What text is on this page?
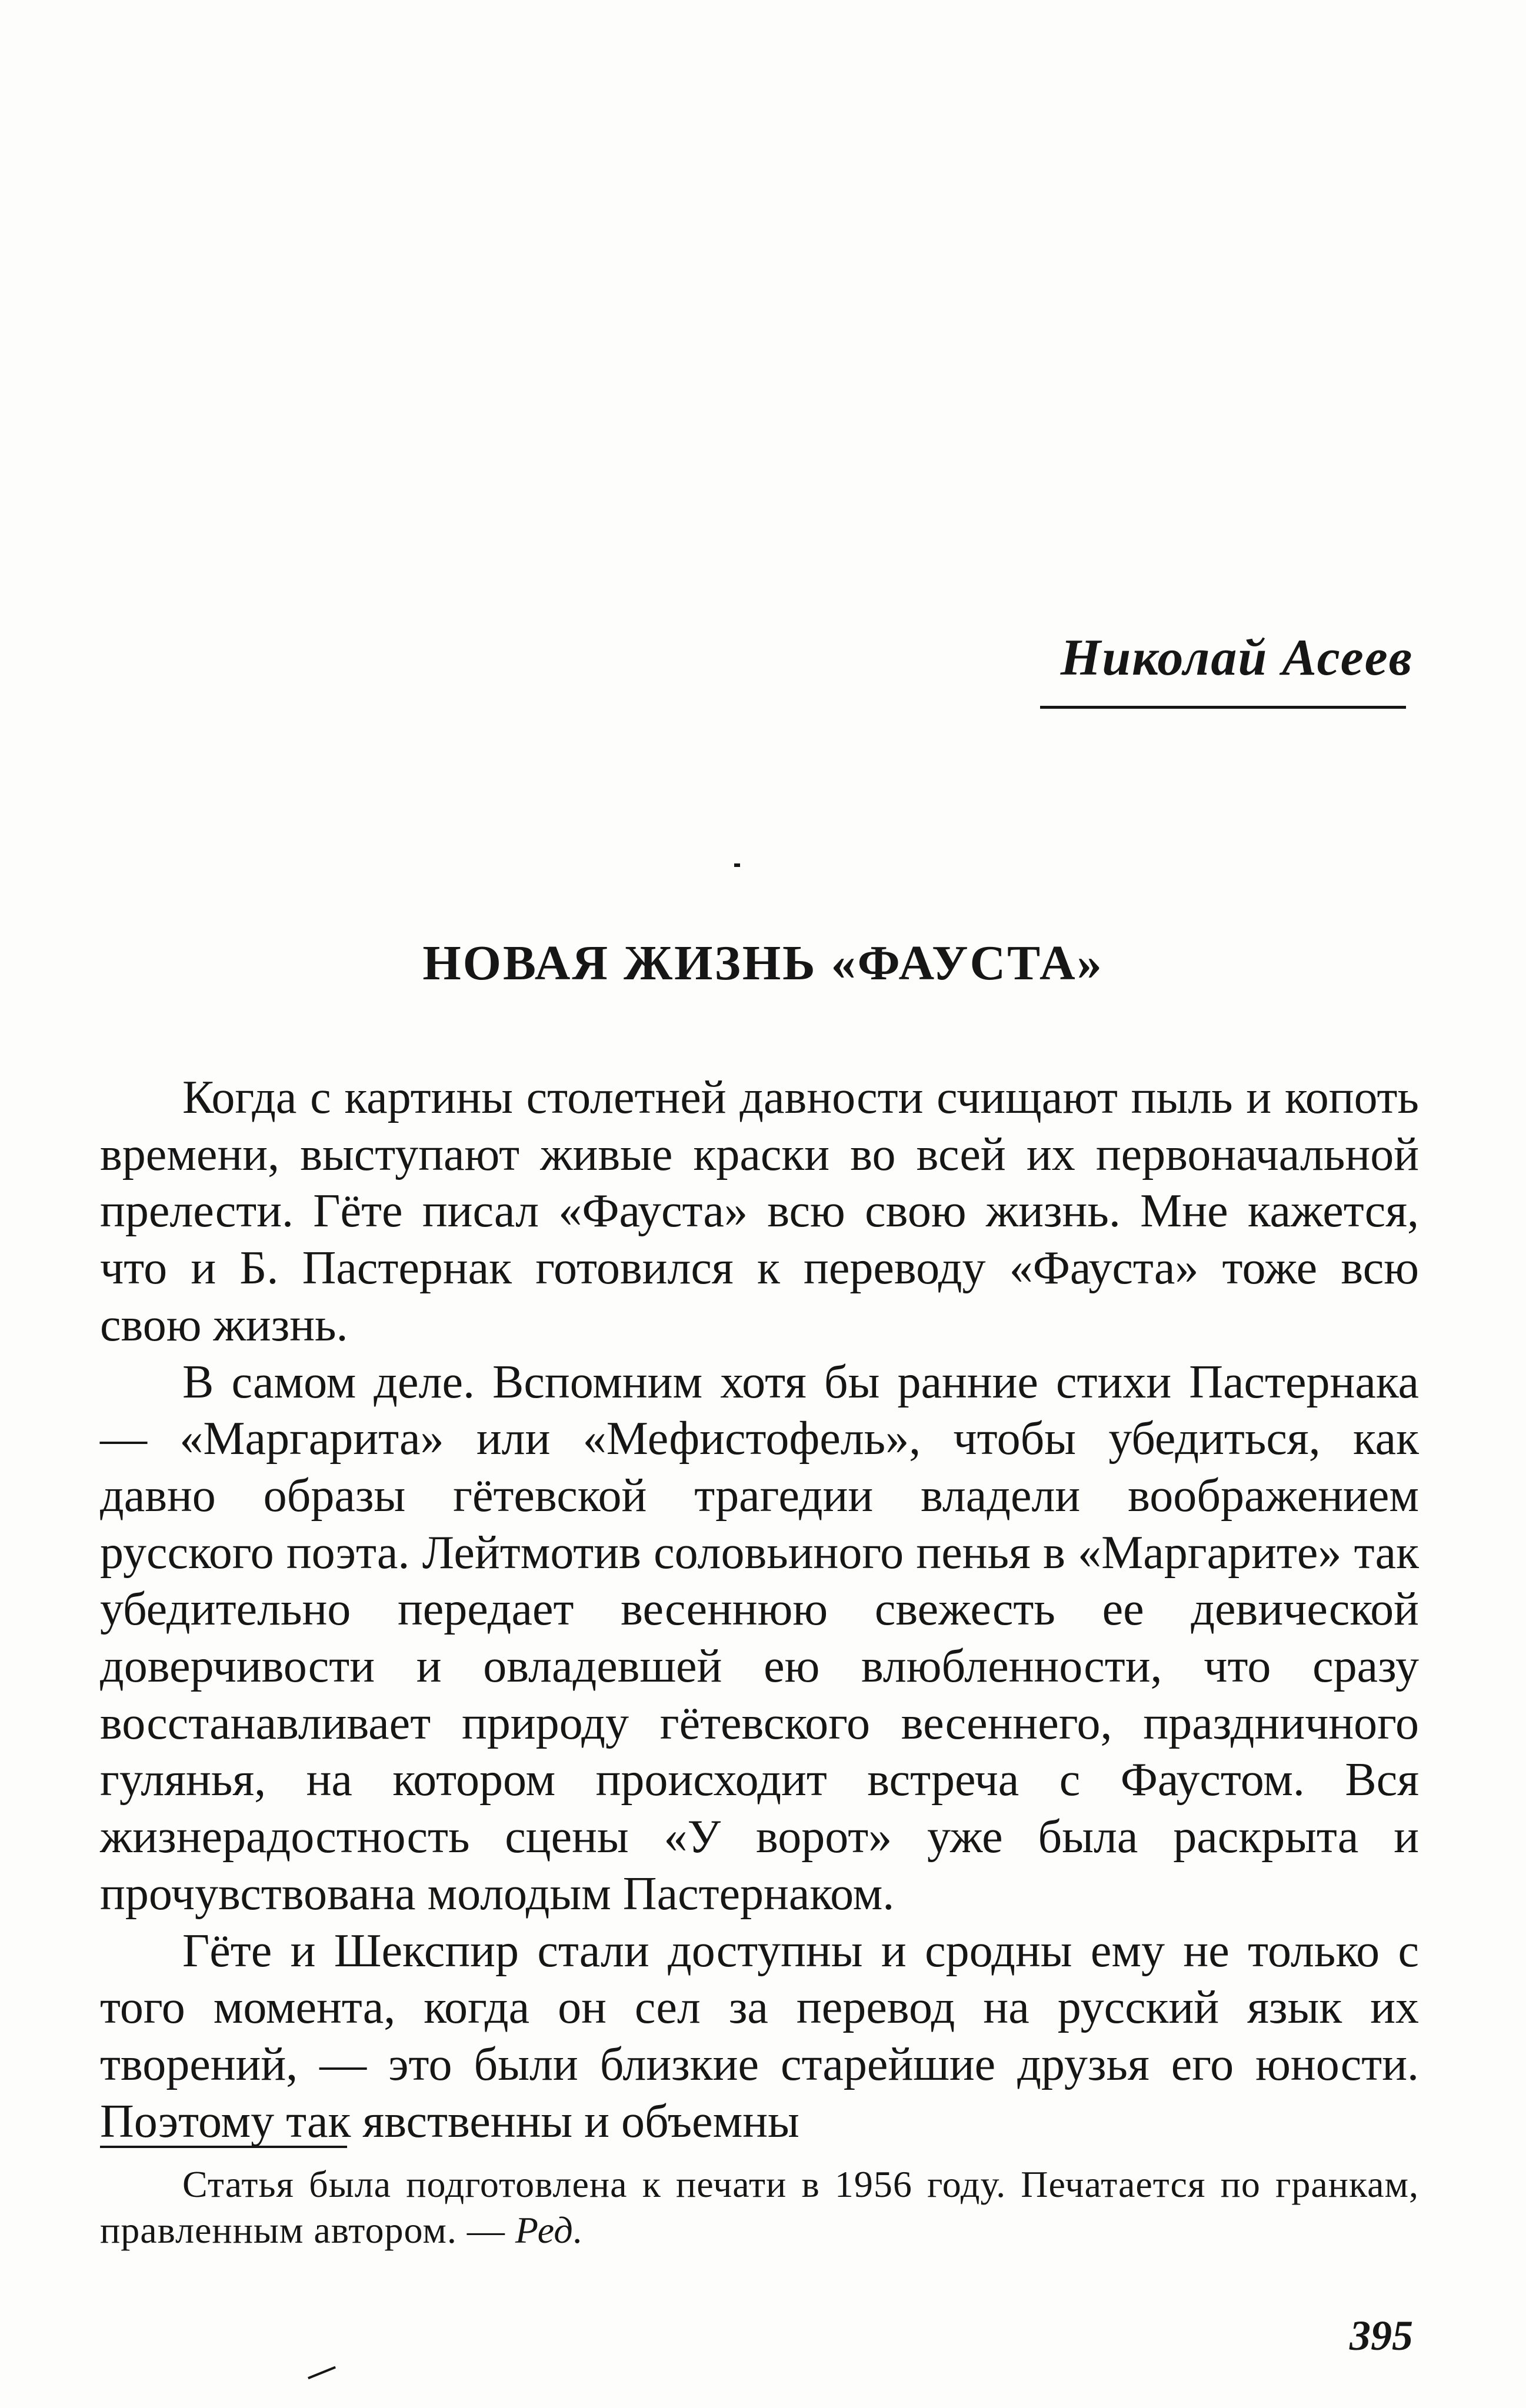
Николай Асеев
НОВАЯ ЖИЗНЬ «ФАУСТА»

Когда с картины столетней давности счищают пыль и копоть времени, выступают живые краски во всей их первоначальной прелести. Гёте писал «Фауста» всю свою жизнь. Мне кажется, что и Б. Пастернак готовился к переводу «Фауста» тоже всю свою жизнь.

В самом деле. Вспомним хотя бы ранние стихи Пастернака — «Маргарита» или «Мефистофель», чтобы убедиться, как давно образы гётевской трагедии владели воображением русского поэта. Лейтмотив соловьиного пенья в «Маргарите» так убедительно передает весеннюю свежесть ее девической доверчивости и овладевшей ею влюбленности, что сразу восстанавливает природу гётевского весеннего, праздничного гулянья, на котором происходит встреча с Фаустом. Вся жизнерадостность сцены «У ворот» уже была раскрыта и прочувствована молодым Пастернаком.

Гёте и Шекспир стали доступны и сродны ему не только с того момента, когда он сел за перевод на русский язык их творений, — это были близкие старейшие друзья его юности. Поэтому так явственны и объемны

Статья была подготовлена к печати в 1956 году. Печатается по гранкам, правленным автором. — Ред.

395
